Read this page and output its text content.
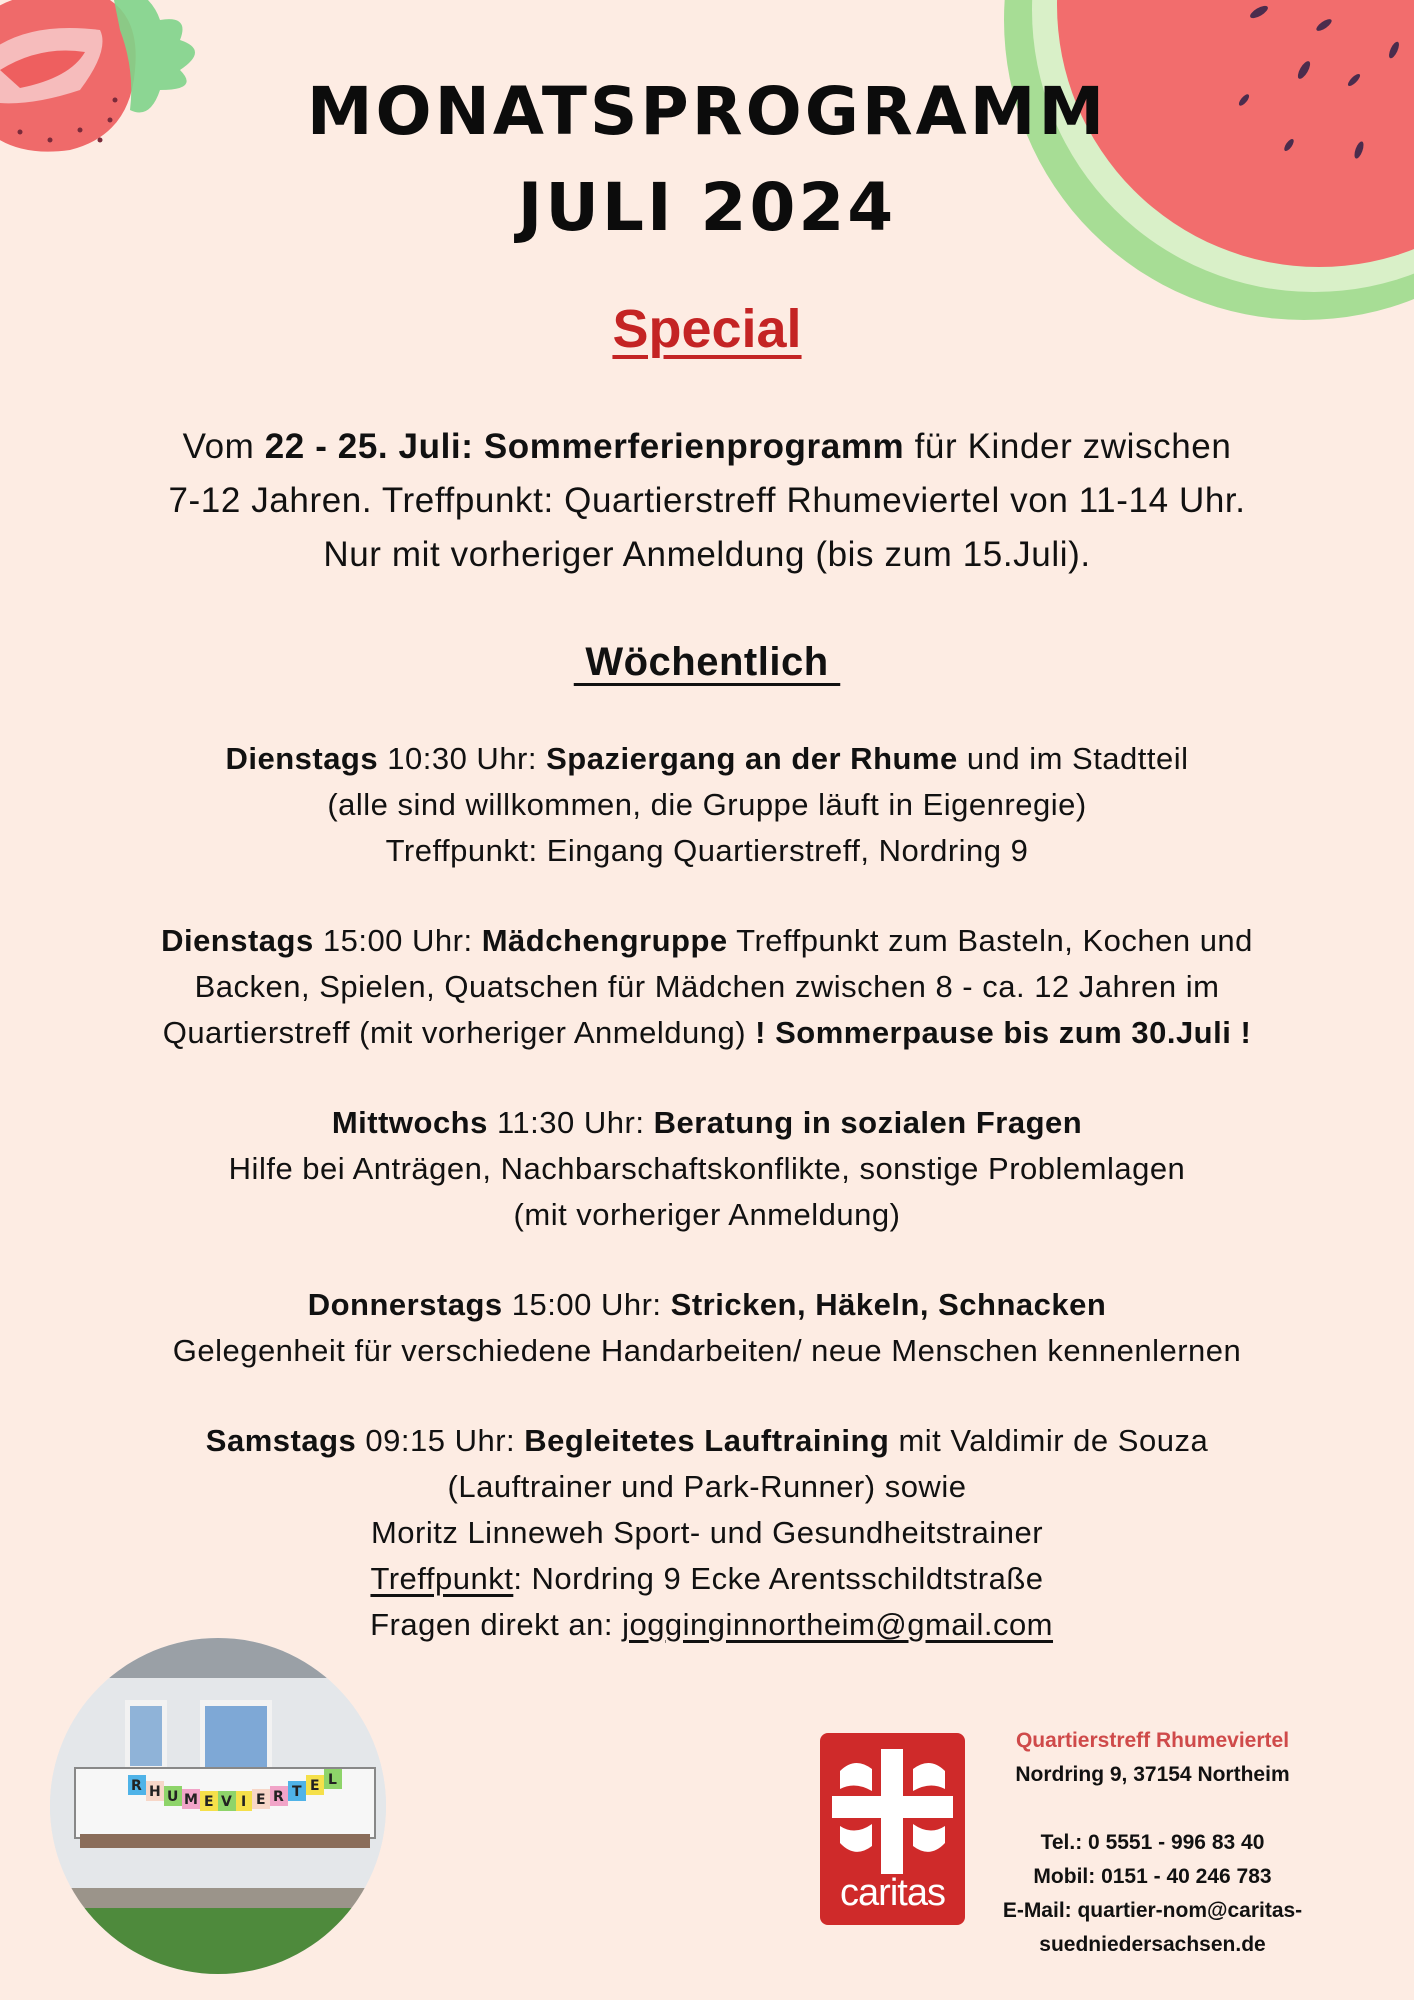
MONATSPROGRAMM
JULI 2024
Special
Vom 22 - 25. Juli: Sommerferienprogramm für Kinder zwischen
7-12 Jahren. Treffpunkt: Quartierstreff Rhumeviertel von 11-14 Uhr.
Nur mit vorheriger Anmeldung (bis zum 15.Juli).
Wöchentlich
Dienstags 10:30 Uhr: Spaziergang an der Rhume und im Stadtteil
(alle sind willkommen, die Gruppe läuft in Eigenregie)
Treffpunkt: Eingang Quartierstreff, Nordring 9
Dienstags 15:00 Uhr: Mädchengruppe Treffpunkt zum Basteln, Kochen und
Backen, Spielen, Quatschen für Mädchen zwischen 8 - ca. 12 Jahren im
Quartierstreff (mit vorheriger Anmeldung) ! Sommerpause bis zum 30.Juli !
Mittwochs 11:30 Uhr: Beratung in sozialen Fragen
Hilfe bei Anträgen, Nachbarschaftskonflikte, sonstige Problemlagen
(mit vorheriger Anmeldung)
Donnerstags 15:00 Uhr: Stricken, Häkeln, Schnacken
Gelegenheit für verschiedene Handarbeiten/ neue Menschen kennenlernen
Samstags 09:15 Uhr: Begleitetes Lauftraining mit Valdimir de Souza
(Lauftrainer und Park-Runner) sowie
Moritz Linneweh Sport- und Gesundheitstrainer
Treffpunkt: Nordring 9 Ecke Arentsschildtstraße
Fragen direkt an: jogginginnortheim@gmail.com
R H U M E V I E R T E L
caritas
Quartierstreff Rhumeviertel
Nordring 9, 37154 Northeim
Tel.: 0 5551 - 996 83 40
Mobil: 0151 - 40 246 783
E-Mail: quartier-nom@caritas-
suedniedersachsen.de
